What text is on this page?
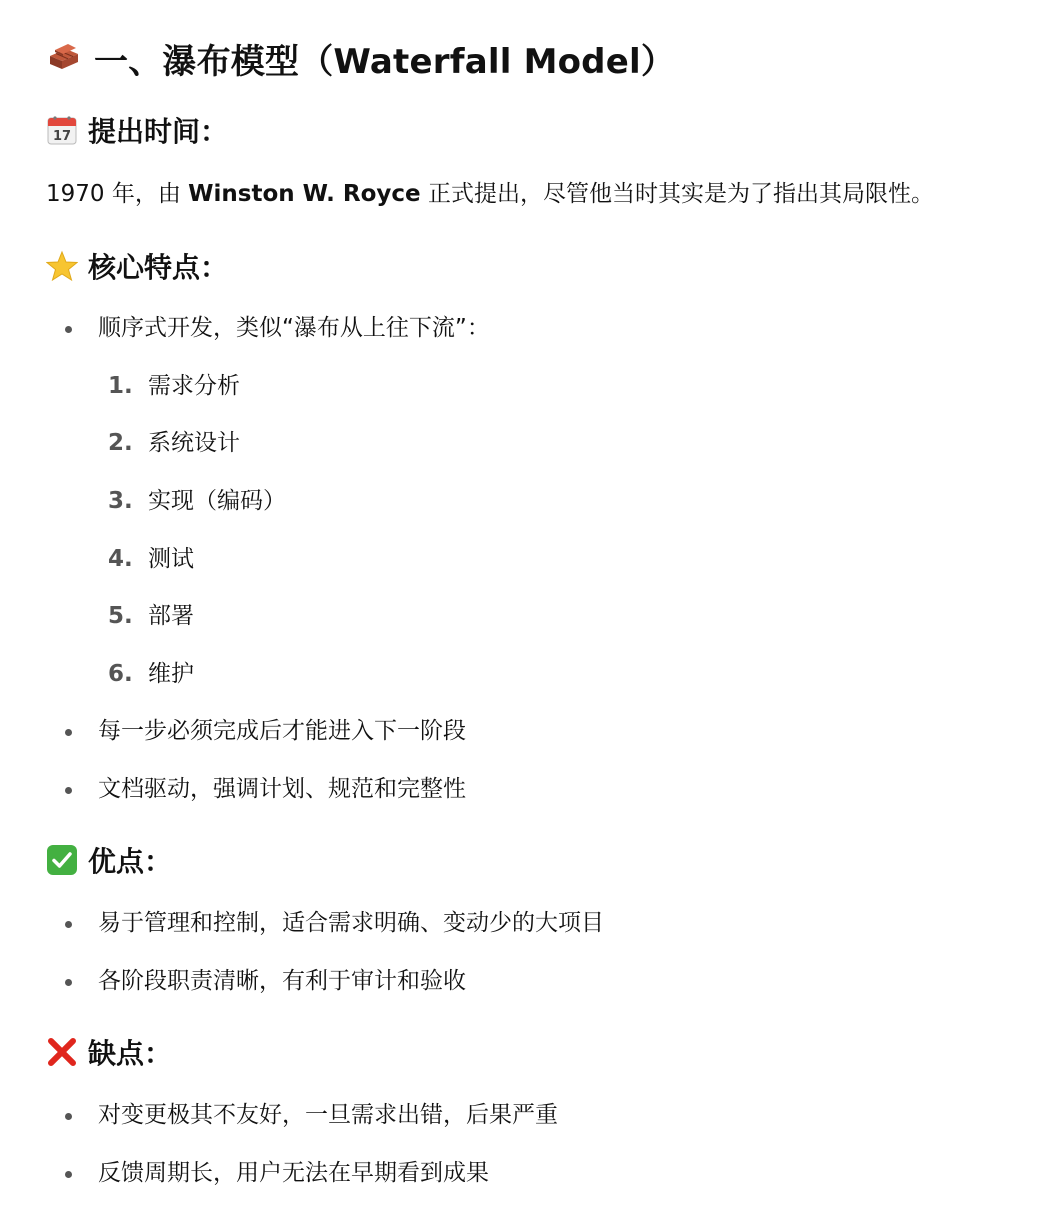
一、瀑布模型（Waterfall Model）
17 提出时间：

1970 年，由 Winston W. Royce 正式提出，尽管他当时其实是为了指出其局限性。

核心特点：
顺序式开发，类似“瀑布从上往下流”：
1. 需求分析
2. 系统设计
3. 实现（编码）
4. 测试
5. 部署
6. 维护
每一步必须完成后才能进入下一阶段
文档驱动，强调计划、规范和完整性
优点：
易于管理和控制，适合需求明确、变动少的大项目
各阶段职责清晰，有利于审计和验收
缺点：
对变更极其不友好，一旦需求出错，后果严重
反馈周期长，用户无法在早期看到成果
